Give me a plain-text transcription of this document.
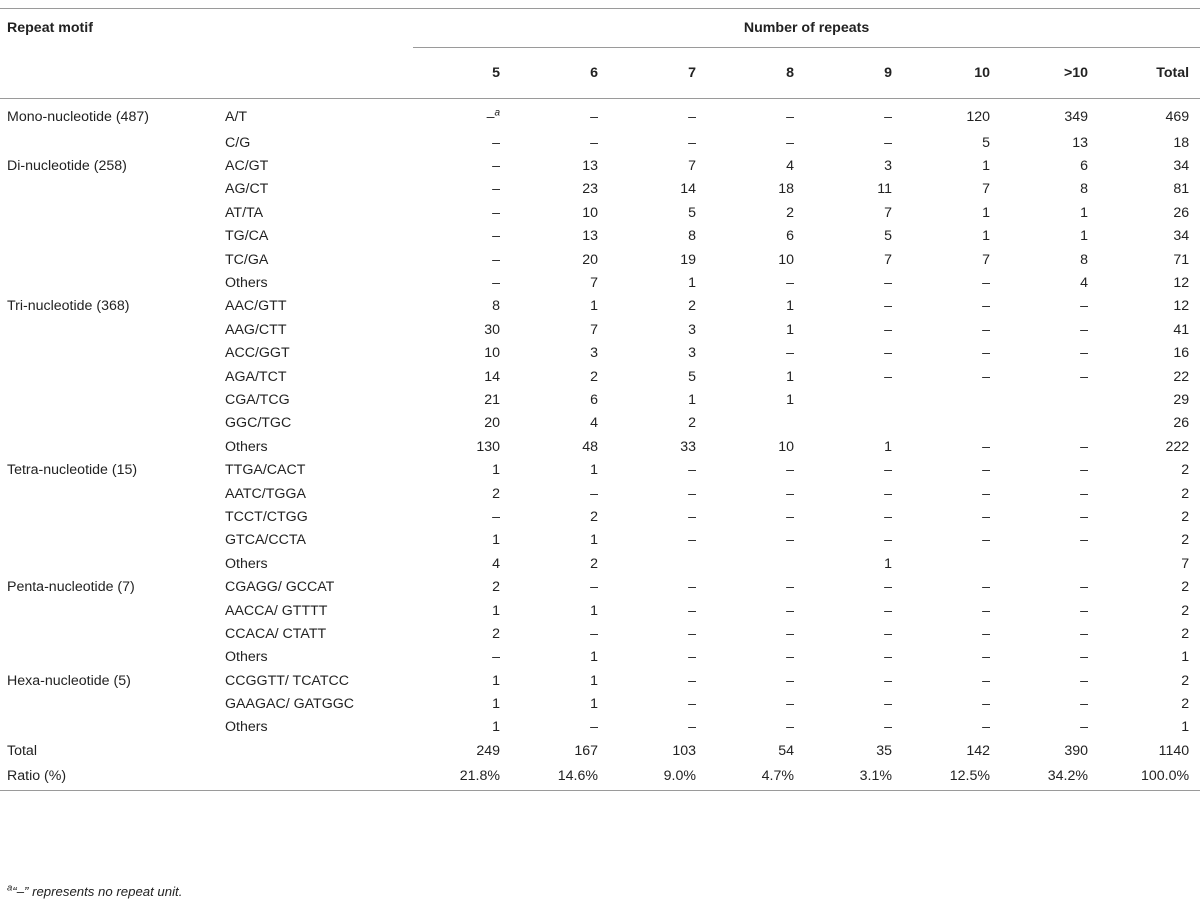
Repeat motif		Number of repeats							
		5	6	7	8	9	10	>10	Total
Mono-nucleotide (487)	A/T	–$^a$	–	–	–	–	120	349	469
	C/G	–	–	–	–	–	5	13	18
Di-nucleotide (258)	AC/GT	–	13	7	4	3	1	6	34
	AG/CT	–	23	14	18	11	7	8	81
	AT/TA	–	10	5	2	7	1	1	26
	TG/CA	–	13	8	6	5	1	1	34
	TC/GA	–	20	19	10	7	7	8	71
	Others	–	7	1	–	–	–	4	12
Tri-nucleotide (368)	AAC/GTT	8	1	2	1	–	–	–	12
	AAG/CTT	30	7	3	1	–	–	–	41
	ACC/GGT	10	3	3	–	–	–	–	16
	AGA/TCT	14	2	5	1	–	–	–	22
	CGA/TCG	21	6	1	1				29
	GGC/TGC	20	4	2					26
	Others	130	48	33	10	1	–	–	222
Tetra-nucleotide (15)	TTGA/CACT	1	1	–	–	–	–	–	2
	AATC/TGGA	2	–	–	–	–	–	–	2
	TCCT/CTGG	–	2	–	–	–	–	–	2
	GTCA/CCTA	1	1	–	–	–	–	–	2
	Others	4	2			1			7
Penta-nucleotide (7)	CGAGG/ GCCAT	2	–	–	–	–	–	–	2
	AACCA/ GTTTT	1	1	–	–	–	–	–	2
	CCACA/ CTATT	2	–	–	–	–	–	–	2
	Others	–	1	–	–	–	–	–	1
Hexa-nucleotide (5)	CCGGTT/ TCATCC	1	1	–	–	–	–	–	2
	GAAGAC/ GATGGC	1	1	–	–	–	–	–	2
	Others	1	–	–	–	–	–	–	1
Total		249	167	103	54	35	142	390	1140
Ratio (%)		21.8%	14.6%	9.0%	4.7%	3.1%	12.5%	34.2%	100.0%
$^a$“–” represents no repeat unit.
